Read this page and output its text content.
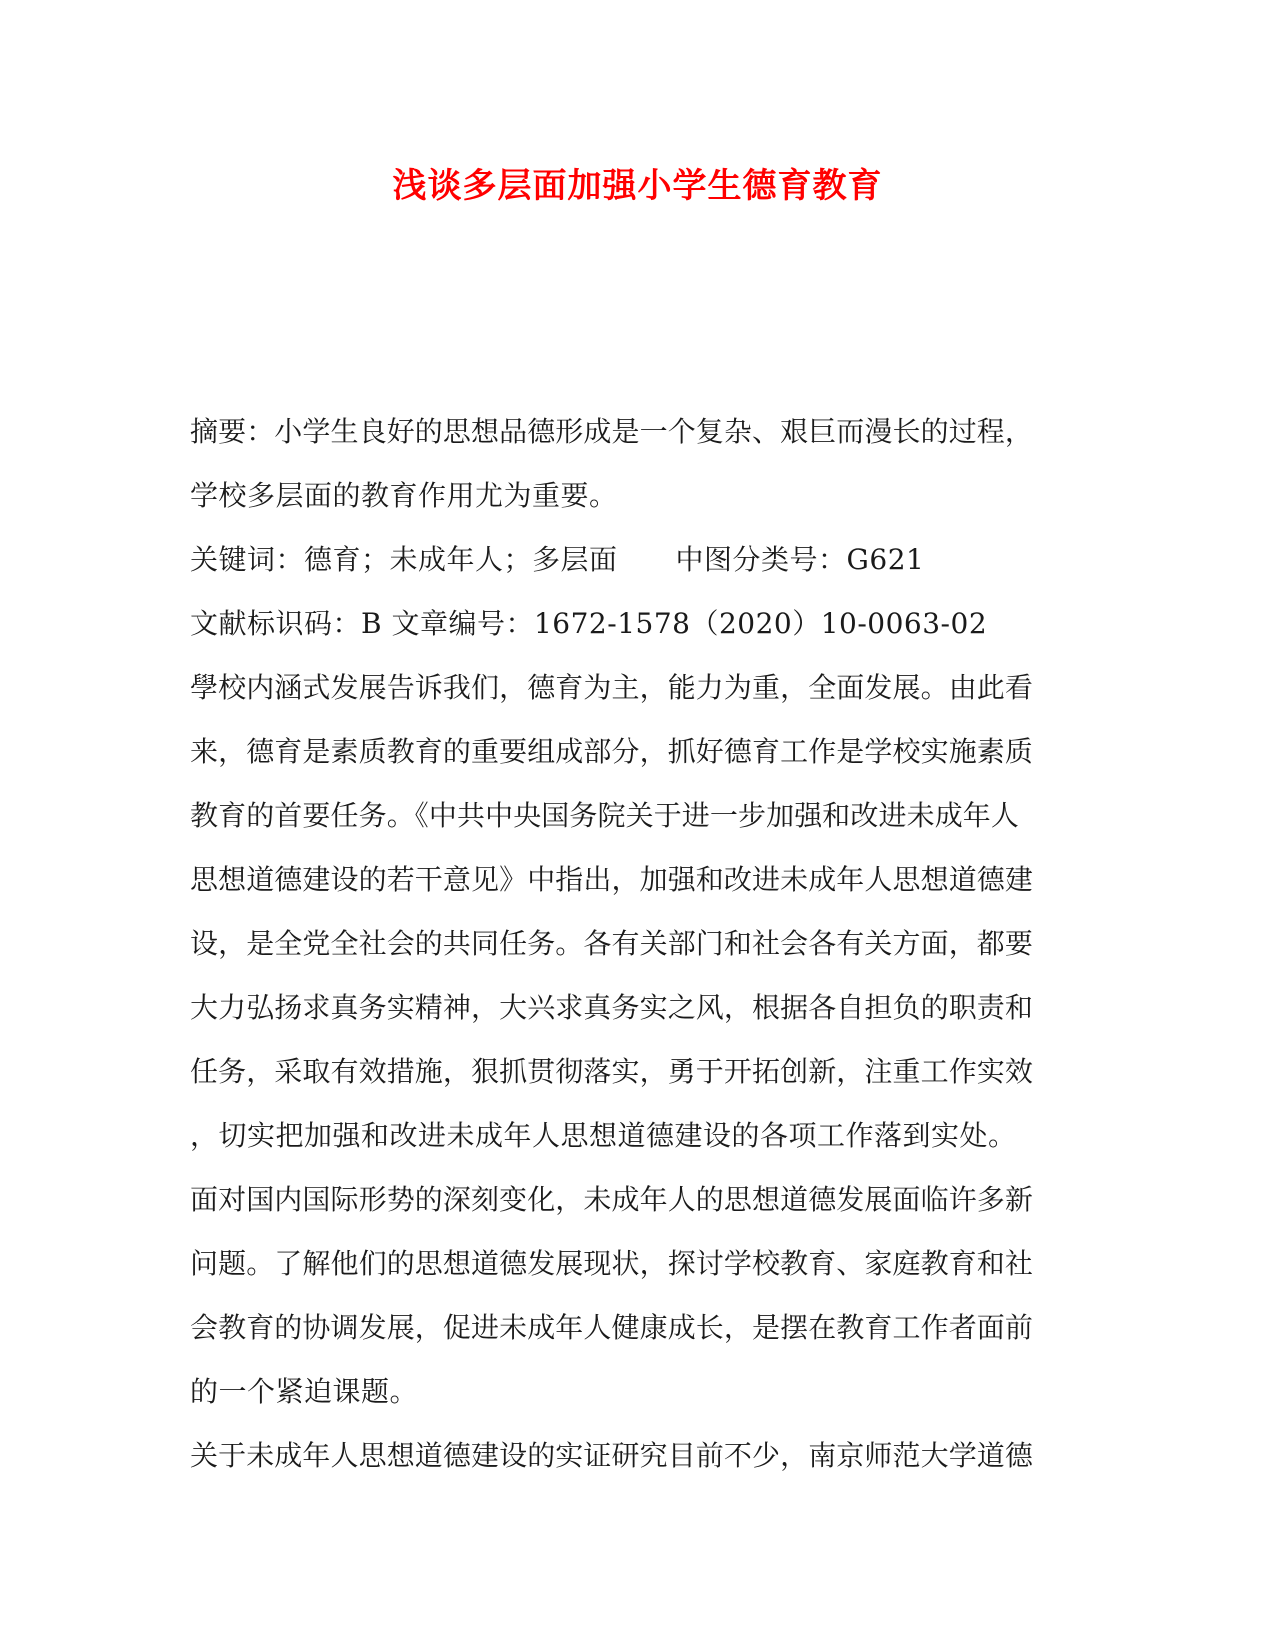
浅谈多层面加强小学生德育教育
摘要：小学生良好的思想品德形成是一个复杂、艰巨而漫长的过程，
学校多层面的教育作用尤为重要。
关键词：德育；未成年人；多层面 中图分类号：G621
文献标识码：B 文章编号：1672-1578（2020）10-0063-02
學校内涵式发展告诉我们，德育为主，能力为重，全面发展。由此看
来，德育是素质教育的重要组成部分，抓好德育工作是学校实施素质
教育的首要任务。《中共中央国务院关于进一步加强和改进未成年人
思想道德建设的若干意见》中指出，加强和改进未成年人思想道德建
设，是全党全社会的共同任务。各有关部门和社会各有关方面，都要
大力弘扬求真务实精神，大兴求真务实之风，根据各自担负的职责和
任务，采取有效措施，狠抓贯彻落实，勇于开拓创新，注重工作实效
，切实把加强和改进未成年人思想道德建设的各项工作落到实处。
面对国内国际形势的深刻变化，未成年人的思想道德发展面临许多新
问题。了解他们的思想道德发展现状，探讨学校教育、家庭教育和社
会教育的协调发展，促进未成年人健康成长，是摆在教育工作者面前
的一个紧迫课题。
关于未成年人思想道德建设的实证研究目前不少，南京师范大学道德
